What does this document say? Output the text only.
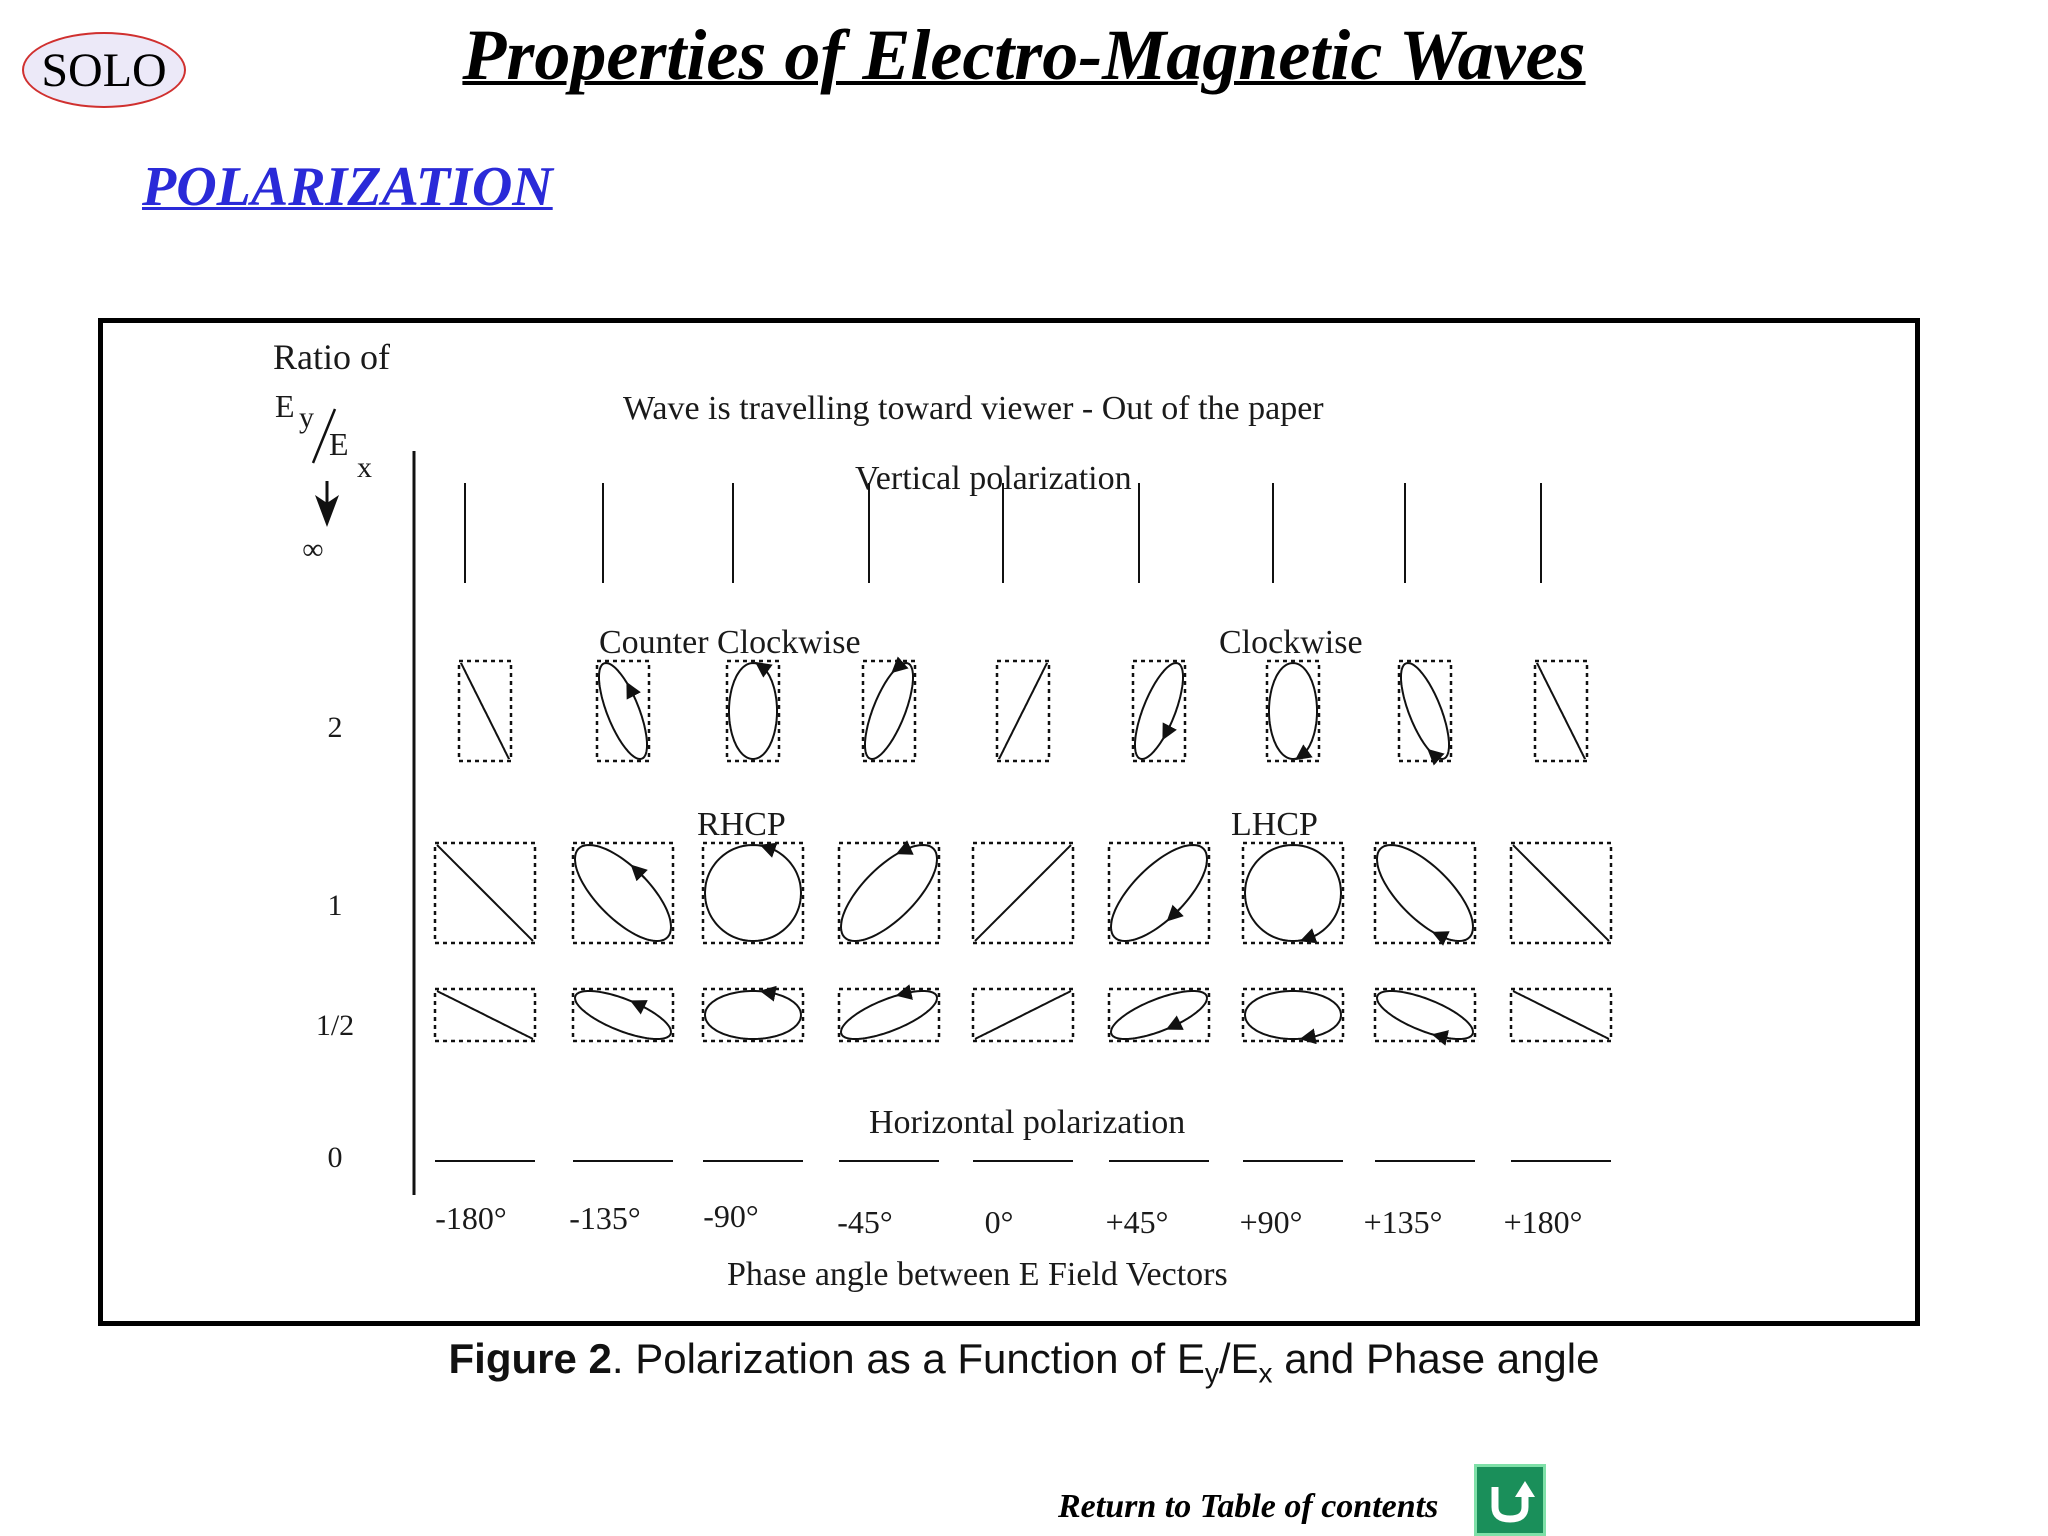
SOLO	Properties of Electro-Magnetic Waves
POLARIZATION
Ratio of
E y
E
x
Wave is travelling toward viewer - Out of the paper
Vertical polarization
Counter Clockwise	Clockwise
RHCP	LHCP
Horizontal polarization
∞
2
1
1/2
0
-180° -135° -90° -45°	0°	+45° +90° +135° +180°
Phase angle between E Field Vectors
Figure 2. Polarization as a Function of $E_y/E_x$ and Phase angle
Return to Table of contents
